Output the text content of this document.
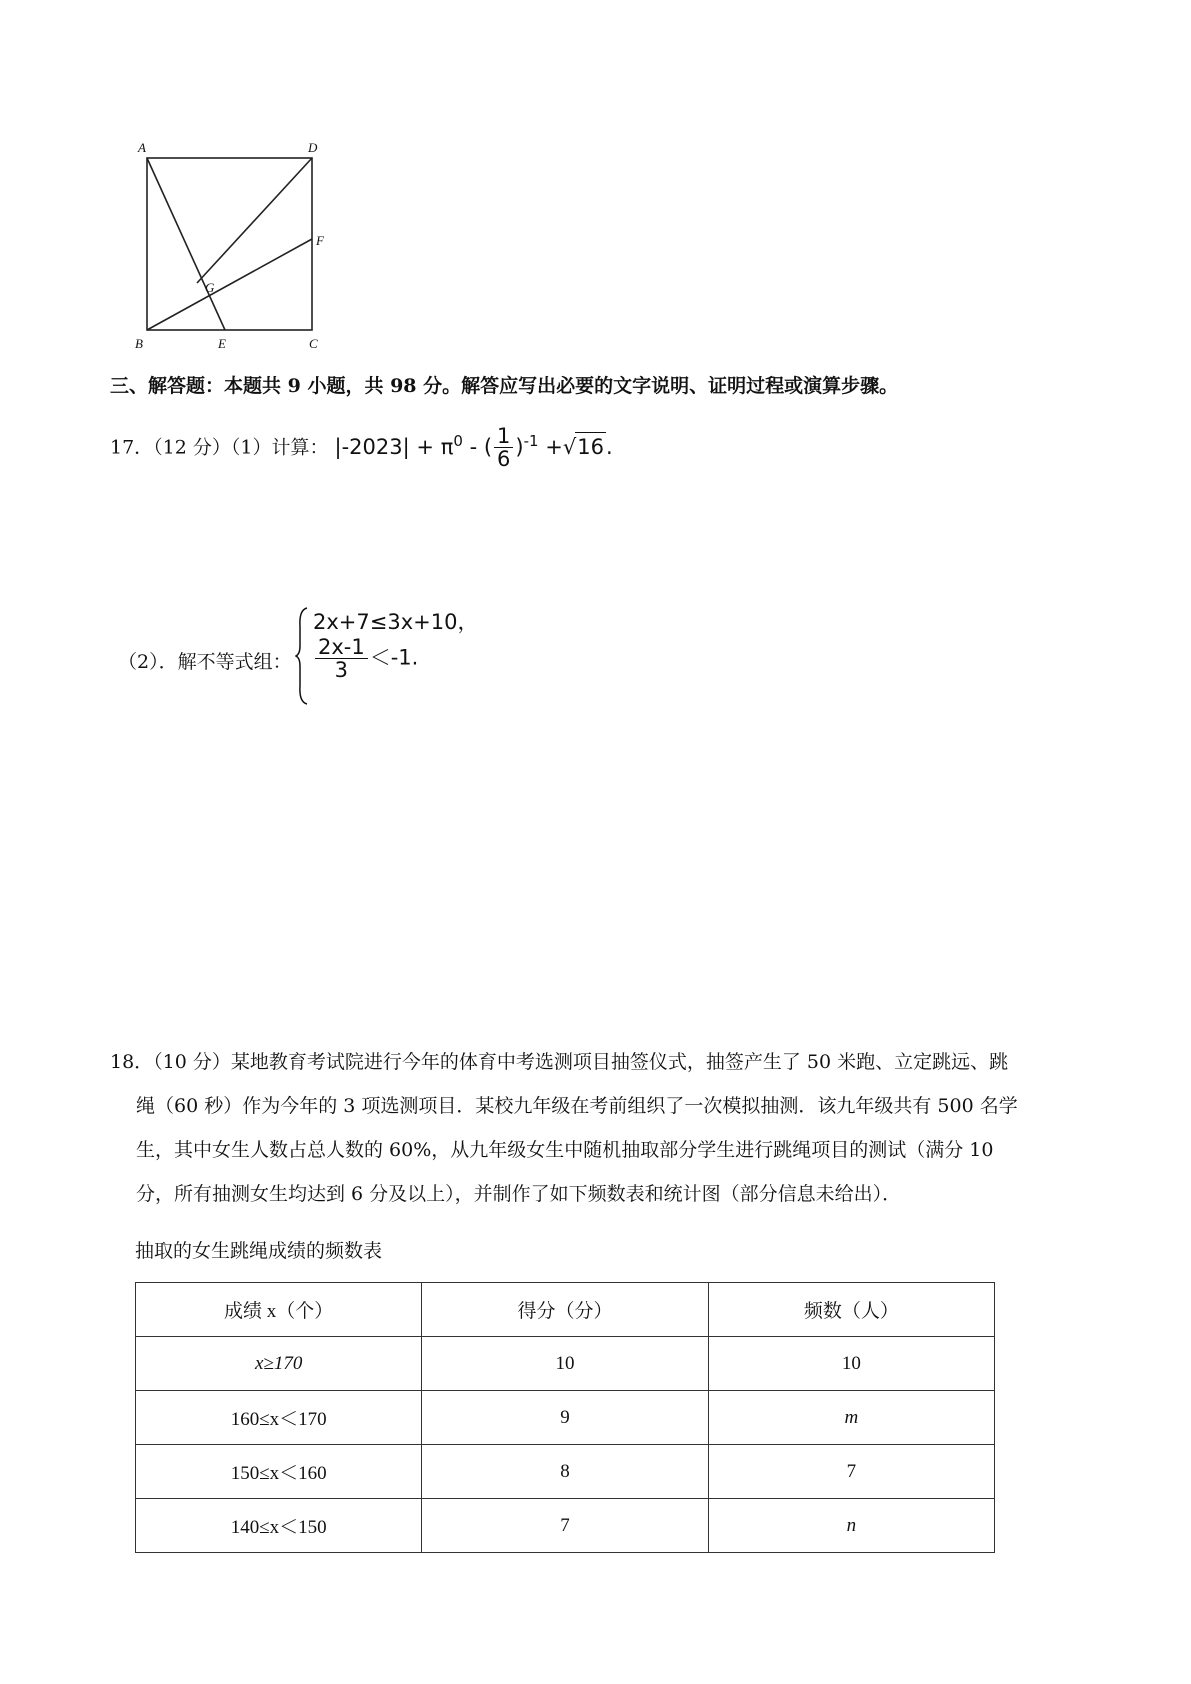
A	D
F
G
B	E	C
三、解答题：本题共 9 小题，共 98 分。解答应写出必要的文字说明、证明过程或演算步骤。
17．（12 分）（1）计算： $|-2023| + \pi^0$ - ( $\frac{1}{6} )^{-1} +√16$.
（2）．解不等式组：
2x+7≤3x+10，
$\frac{2x-1}{3} <-1$.
18．（10 分）某地教育考试院进行今年的体育中考选测项目抽签仪式，抽签产生了 50 米跑、立定跳远、跳
绳（60 秒）作为今年的 3 项选测项目．某校九年级在考前组织了一次模拟抽测．该九年级共有 500 名学
生，其中女生人数占总人数的 60%，从九年级女生中随机抽取部分学生进行跳绳项目的测试（满分 10
分，所有抽测女生均达到 6 分及以上），并制作了如下频数表和统计图（部分信息未给出）．
抽取的女生跳绳成绩的频数表
成绩 x（个）	得分（分）	频数（人）
x≥170	10	10
160≤x＜170	9	m
150≤x＜160	8	7
140≤x＜150	7	n
